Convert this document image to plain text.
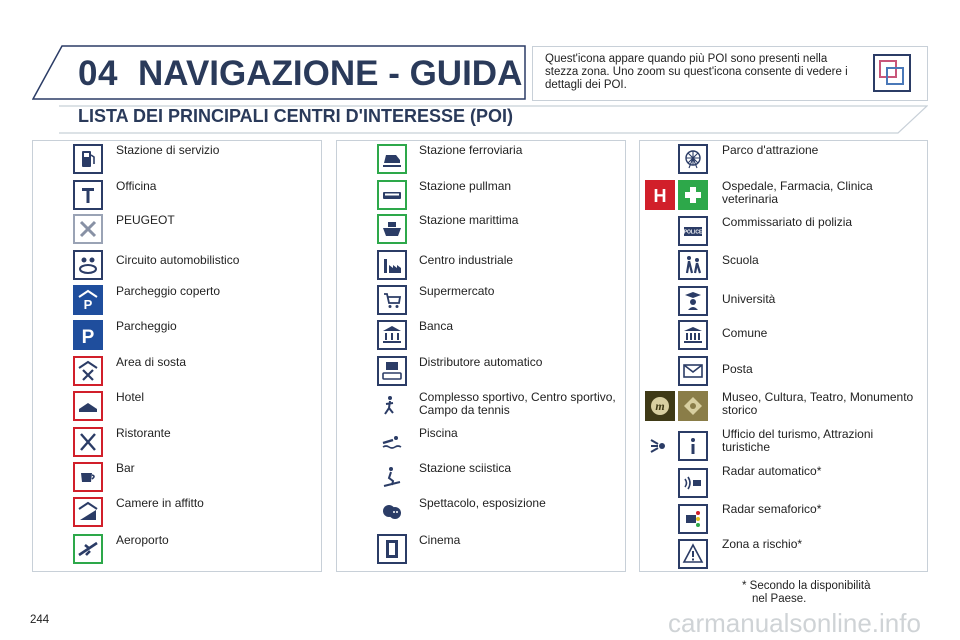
04 NAVIGAZIONE - GUIDA Quest'icona appare quando più POI sono presenti nella stezza zona. Uno zoom su quest'icona consente di vedere i dettagli dei POI.
LISTA DEI PRINCIPALI CENTRI D'INTERESSE (POI)
Stazione di servizio
Officina
PEUGEOT
Circuito automobilistico
P
Parcheggio coperto
P
Parcheggio
Area di sosta
Hotel
Ristorante
Bar
Camere in affitto
Aeroporto
Stazione ferroviaria
Stazione pullman
Stazione marittima
Centro industriale
Supermercato
Banca
Distributore automatico
Complesso sportivo, Centro sportivo, Campo da tennis
Piscina
Stazione sciistica
Spettacolo, esposizione
Cinema
Parco d'attrazione
H	Ospedale, Farmacia, Clinica veterinaria
POLICE
Commissariato di polizia
Scuola
Università
Comune
Posta
m
Museo, Cultura, Teatro, Monumento storico
Ufficio del turismo, Attrazioni turistiche
Radar automatico*
Radar semaforico*
Zona a rischio*
* Secondo la disponibilità
nel Paese.
244	carmanualsonline.info
